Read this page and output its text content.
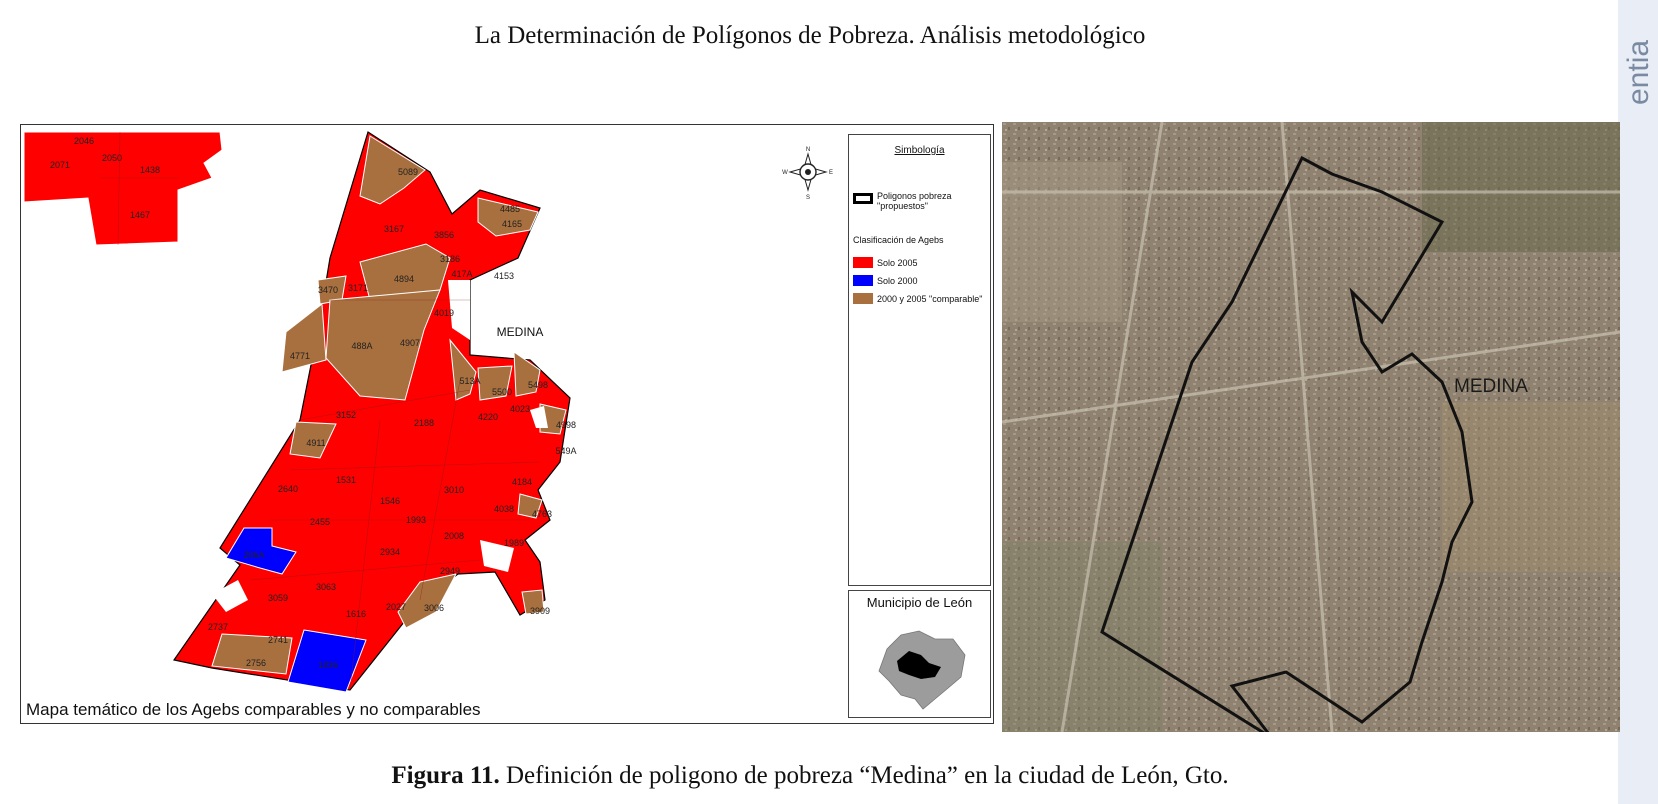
La Determinación de Polígonos de Pobreza. Análisis metodológico
entia
2046
2071
2050
1438
1467
5089
4485
4165
3167
3856
3186
417A 4153
3470 3171
4894
4019
4771
488A	4907
513A
5500
5498
4023
4998
3152
2188
4220
549A
4911
1531
2640	3010
4184
1546
4038 4763
2455	1993
2008
1989
286A	2934
2949
3063
3059
1616
2027 3006	3909
2737
2741
2756	1836
MEDINA
N
S
E
W
Simbología
Poligonos pobreza "propuestos"
Clasificación de Agebs
Solo 2005
Solo 2000
2000 y 2005 "comparable"
Municipio de León
Mapa temático de los Agebs comparables y no comparables
MEDINA
Figura 11. Definición de poligono de pobreza “Medina” en la ciudad de León, Gto.
